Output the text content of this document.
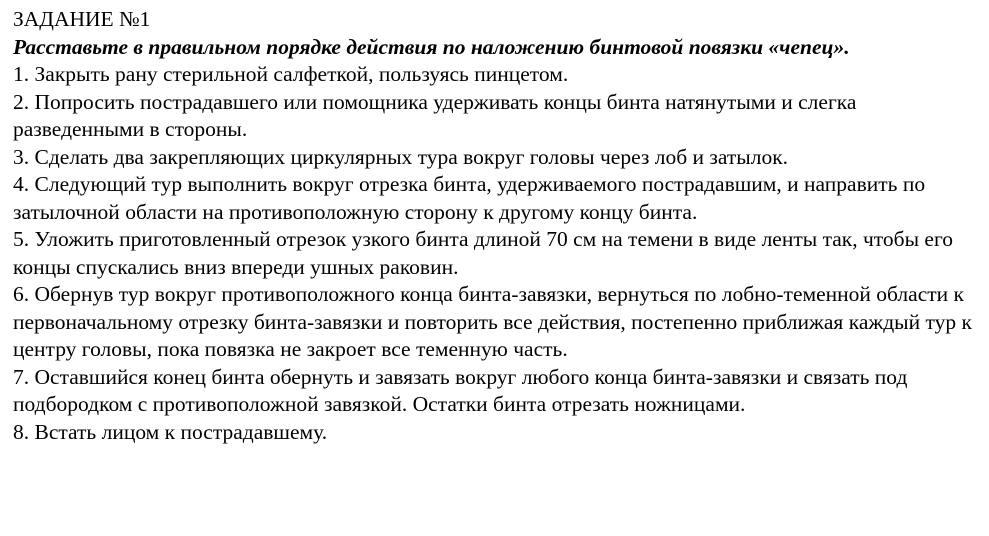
ЗАДАНИЕ №1

Расставьте в правильном порядке действия по наложению бинтовой повязки «чепец».

1. Закрыть рану стерильной салфеткой, пользуясь пинцетом.

2. Попросить пострадавшего или помощника удерживать концы бинта натянутыми и слегка разведенными в стороны.

3. Сделать два закрепляющих циркулярных тура вокруг головы через лоб и затылок.

4. Следующий тур выполнить вокруг отрезка бинта, удерживаемого пострадавшим, и направить по затылочной области на противоположную сторону к другому концу бинта.

5. Уложить приготовленный отрезок узкого бинта длиной 70 см на темени в виде ленты так, чтобы его концы спускались вниз впереди ушных раковин.

6. Обернув тур вокруг противоположного конца бинта-завязки, вернуться по лобно-теменной области к первоначальному отрезку бинта-завязки и повторить все действия, постепенно приближая каждый тур к центру головы, пока повязка не закроет все теменную часть.

7. Оставшийся конец бинта обернуть и завязать вокруг любого конца бинта-завязки и связать под подбородком с противоположной завязкой. Остатки бинта отрезать ножницами.

8. Встать лицом к пострадавшему.
